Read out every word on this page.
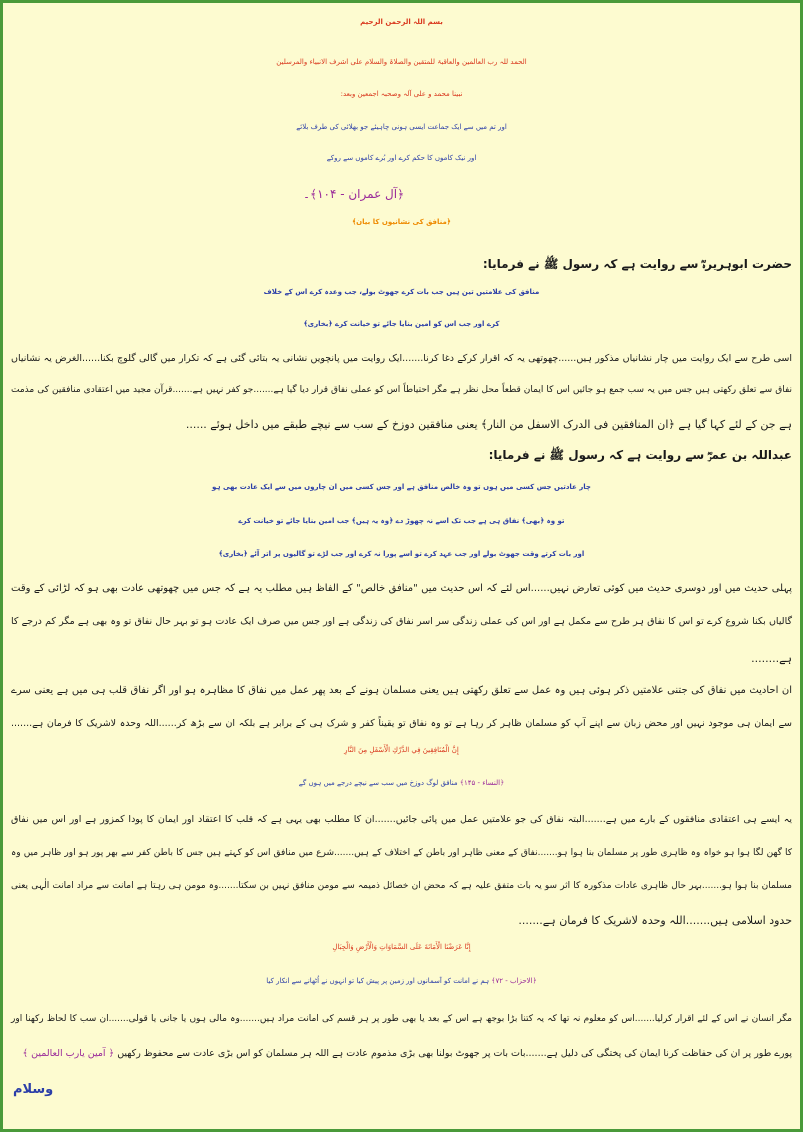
بسم اللہ الرحمن الرحیم
الحمد للہ رب العالمین والعاقبۃ للمتقین والصلاۃ والسلام علی اشرف الانبیاء والمرسلین
نبینا محمد و علی آلہ وصحبہ اجمعین وبعد:
اور تم میں سے ایک جماعت ایسی ہونی چاہیئے جو بھلائی کی طرف بلائے
اور نیک کاموں کا حکم کرے اور بُرے کاموں سے روکے
﴿آل عمران - ۱۰۴﴾۔
﴿منافق کی نشانیوں کا بیان﴾
حضرت ابوہریرہؓ سے روایت ہے کہ رسول ﷺ نے فرمایا:
منافق کی علامتیں تین ہیں جب بات کرے جھوٹ بولے، جب وعدہ کرے اس کے خلاف
کرے اور جب اس کو امین بنایا جائے تو خیانت کرے ﴿بخاری﴾
اسی طرح سے ایک روایت میں چار نشانیاں مذکور ہیں......چھوتھی یہ کہ اقرار کرکے دغا کرنا.......ایک روایت میں پانچویں نشانی یہ بتائی گئی ہے کہ تکرار میں گالی گلوچ بکنا......الغرض یہ نشانیاں
نفاق سے تعلق رکھتی ہیں جس میں یہ سب جمع ہو جائیں اس کا ایمان قطعاً محل نظر ہے مگر احتیاطاً اس کو عملی نفاق قرار دیا گیا ہے.......جو کفر نہیں ہے.......قرآن مجید میں اعتقادی منافقین کی مذمت
ہے جن کے لئے کہا گیا ہے ﴿ان المنافقین فی الدرک الاسفل من النار﴾ یعنی منافقین دوزخ کے سب سے نیچے طبقے میں داخل ہوئے ......
عبداللہ بن عمرؓ سے روایت ہے کہ رسول ﷺ نے فرمایا:
چار عادتیں جس کسی میں ہوں تو وہ خالص منافق ہے اور جس کسی میں ان چاروں میں سے ایک عادت بھی ہو
تو وہ ﴿بھی﴾ نفاق ہی ہے جب تک اسے نہ چھوڑ دے ﴿وہ یہ ہیں﴾ جب امین بنایا جائے تو خیانت کرے
اور بات کرتے وقت جھوٹ بولے اور جب عہد کرے تو اسے پورا نہ کرے اور جب لڑے تو گالیوں پر اتر آئے ﴿بخاری﴾
پہلی حدیث میں اور دوسری حدیث میں کوئی تعارض نہیں......اس لئے کہ اس حدیث میں "منافق خالص" کے الفاظ ہیں مطلب یہ ہے کہ جس میں چھوتھی عادت بھی ہو کہ لڑائی کے وقت
گالیاں بکنا شروع کرے تو اس کا نفاق ہر طرح سے مکمل ہے اور اس کی عملی زندگی سر اسر نفاق کی زندگی ہے اور جس میں صرف ایک عادت ہو تو بہر حال نفاق تو وہ بھی ہے مگر کم درجے کا
ہے........
ان احادیث میں نفاق کی جتنی علامتیں ذکر ہوئی ہیں وہ عمل سے تعلق رکھتی ہیں یعنی مسلمان ہونے کے بعد پھر عمل میں نفاق کا مظاہرہ ہو اور اگر نفاق قلب ہی میں ہے یعنی سرے
سے ایمان ہی موجود نہیں اور محض زبان سے اپنے آپ کو مسلمان ظاہر کر رہا ہے تو وہ نفاق تو یقیناً کفر و شرک ہی کے برابر ہے بلکہ ان سے بڑھ کر......اللہ وحدہ لاشریک کا فرمان ہے.......
إِنَّ الْمُنَافِقِينَ فِي الدَّرْكِ الْأَسْفَلِ مِنَ النَّارِ
﴿النساء - ۱۴۵﴾ منافق لوگ دوزخ میں سب سے نیچے درجے میں ہوں گے
یہ ایسے ہی اعتقادی منافقوں کے بارے میں ہے.......البتہ نفاق کی جو علامتیں عمل میں پائی جائیں.......ان کا مطلب بھی یہی ہے کہ قلب کا اعتقاد اور ایمان کا پودا کمزور ہے اور اس میں نفاق
کا گھن لگا ہوا ہو خواہ وہ ظاہری طور پر مسلمان بنا ہوا ہو.......نفاق کے معنی ظاہر اور باطن کے اختلاف کے ہیں.......شرع میں منافق اس کو کہتے ہیں جس کا باطن کفر سے بھر پور ہو اور ظاہر میں وہ
مسلمان بنا ہوا ہو.......بہر حال ظاہری عادات مذکورہ کا اثر سو یہ بات متفق علیہ ہے کہ محض ان خصائل ذمیمہ سے مومن منافق نہیں بن سکتا.......وہ مومن ہی رہتا ہے امانت سے مراد امانت الٰہی یعنی
حدود اسلامی ہیں.......اللہ وحدہ لاشریک کا فرمان ہے.......
إِنَّا عَرَضْنَا الْأَمَانَةَ عَلَى السَّمَاوَاتِ وَالْأَرْضِ وَالْجِبَالِ
﴿الاحزاب - ۷۲﴾ ہم نے امانت کو آسمانوں اور زمین پر پیش کیا تو انہوں نے اُٹھانے سے انکار کیا
مگر انسان نے اس کے لئے اقرار کرلیا.......اس کو معلوم نہ تھا کہ یہ کتنا بڑا بوجھ ہے اس کے بعد یا بھی طور پر ہر قسم کی امانت مراد ہیں.......وہ مالی ہوں یا جانی یا قولی.......ان سب کا لحاظ رکھنا اور
پورے طور پر ان کی حفاظت کرنا ایمان کی پختگی کی دلیل ہے.......بات بات پر جھوٹ بولنا بھی بڑی مذموم عادت ہے اللہ ہر مسلمان کو اس بڑی عادت سے محفوظ رکھیں ﴿ آمین یارب العالمین ﴾
وسلام
